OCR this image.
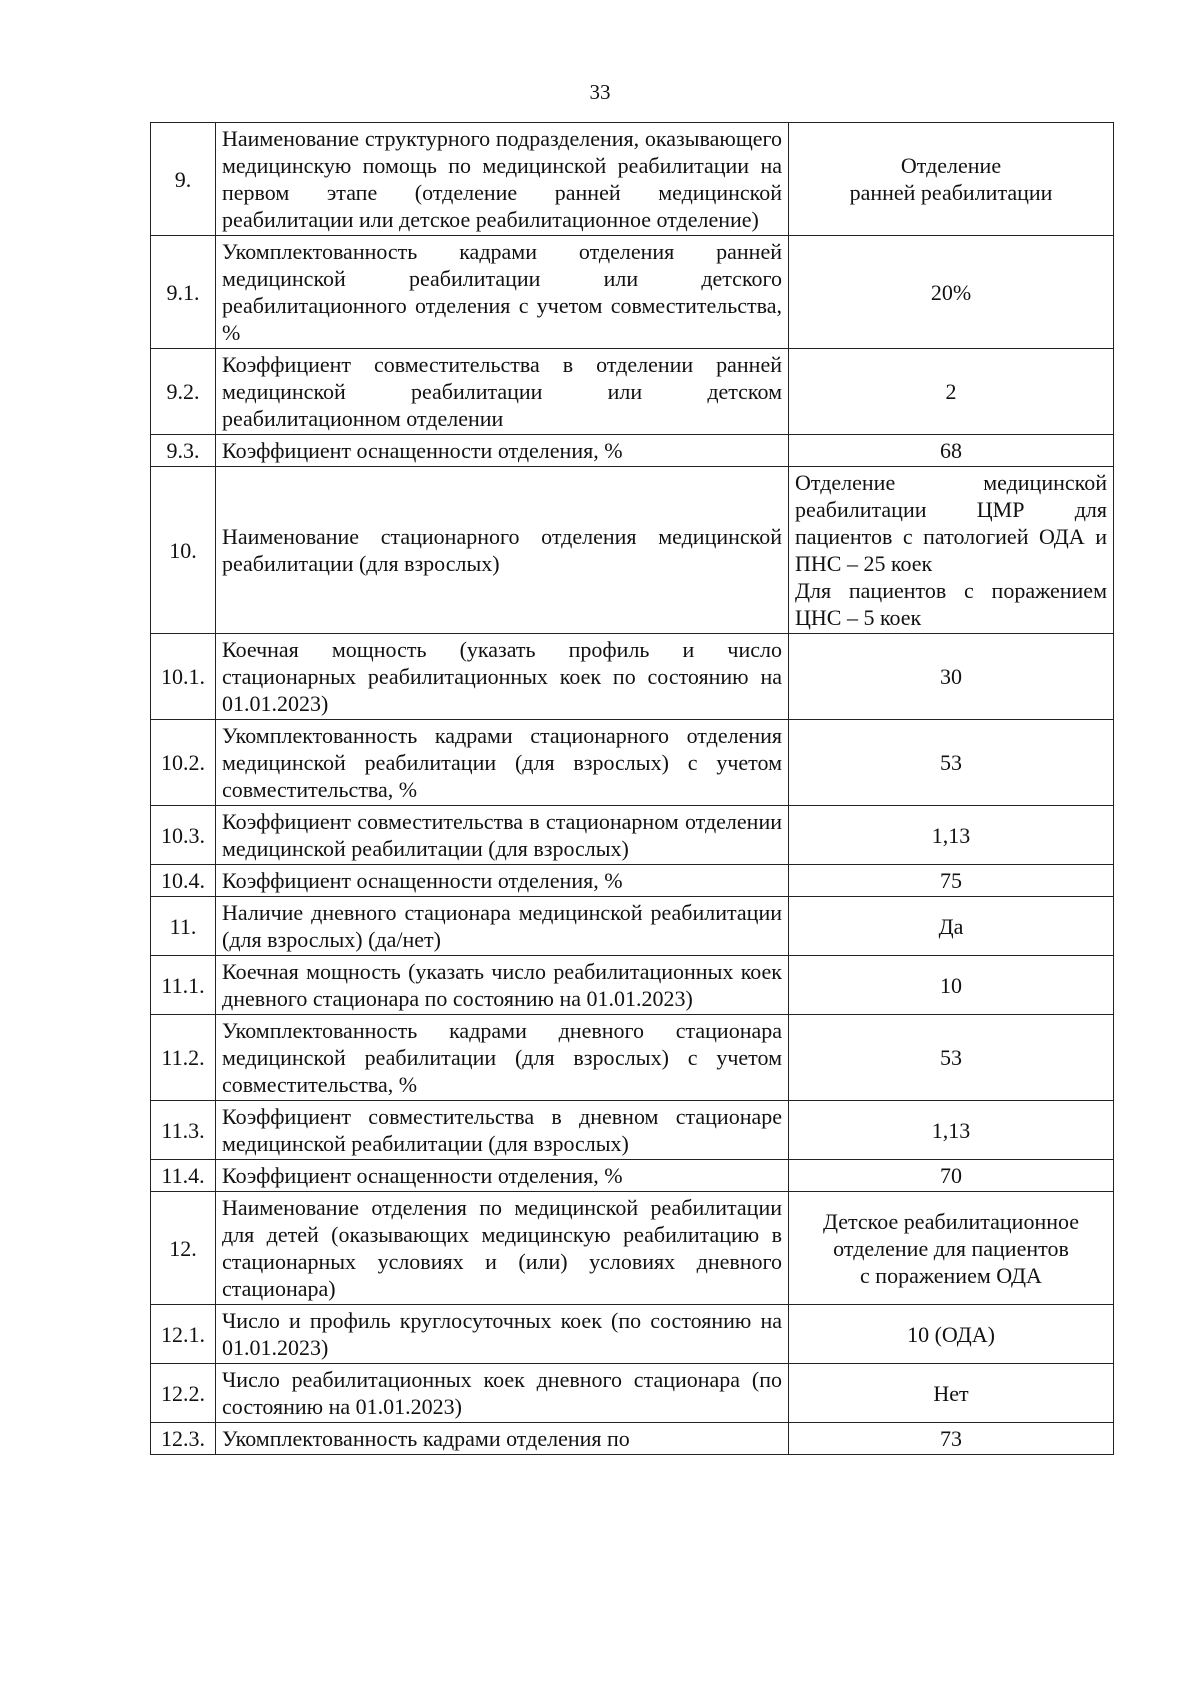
33
9.	Наименование структурного подразделения, оказывающего медицинскую помощь по медицинской реабилитации на первом этапе (отделение ранней медицинской реабилитации или детское реабилитационное отделение)	Отделение
ранней реабилитации

9.1.	Укомплектованность кадрами отделения ранней медицинской реабилитации или детского реабилитационного отделения с учетом совместительства, %	20%
9.2.	Коэффициент совместительства в отделении ранней медицинской реабилитации или детском реабилитационном отделении	2
9.3.	Коэффициент оснащенности отделения, %	68
10.	Наименование стационарного отделения медицинской реабилитации (для взрослых)	Отделение медицинской реабилитации ЦМР для пациентов с патологией ОДА и ПНС – 25 коек
Для пациентов с поражением ЦНС – 5 коек

10.1.	Коечная мощность (указать профиль и число стационарных реабилитационных коек по состоянию на 01.01.2023)	30
10.2.	Укомплектованность кадрами стационарного отделения медицинской реабилитации (для взрослых) с учетом совместительства, %	53
10.3.	Коэффициент совместительства в стационарном отделении медицинской реабилитации (для взрослых)	1,13
10.4.	Коэффициент оснащенности отделения, %	75
11.	Наличие дневного стационара медицинской реабилитации (для взрослых) (да/нет)	Да
11.1.	Коечная мощность (указать число реабилитационных коек дневного стационара по состоянию на 01.01.2023)	10
11.2.	Укомплектованность кадрами дневного стационара медицинской реабилитации (для взрослых) с учетом совместительства, %	53
11.3.	Коэффициент совместительства в дневном стационаре медицинской реабилитации (для взрослых)	1,13
11.4.	Коэффициент оснащенности отделения, %	70
12.	Наименование отделения по медицинской реабилитации для детей (оказывающих медицинскую реабилитацию в стационарных условиях и (или) условиях дневного стационара)	Детское реабилитационное
отделение для пациентов
с поражением ОДА

12.1.	Число и профиль круглосуточных коек (по состоянию на 01.01.2023)	10 (ОДА)
12.2.	Число реабилитационных коек дневного стационара (по состоянию на 01.01.2023)	Нет
12.3.	Укомплектованность кадрами отделения по	73
